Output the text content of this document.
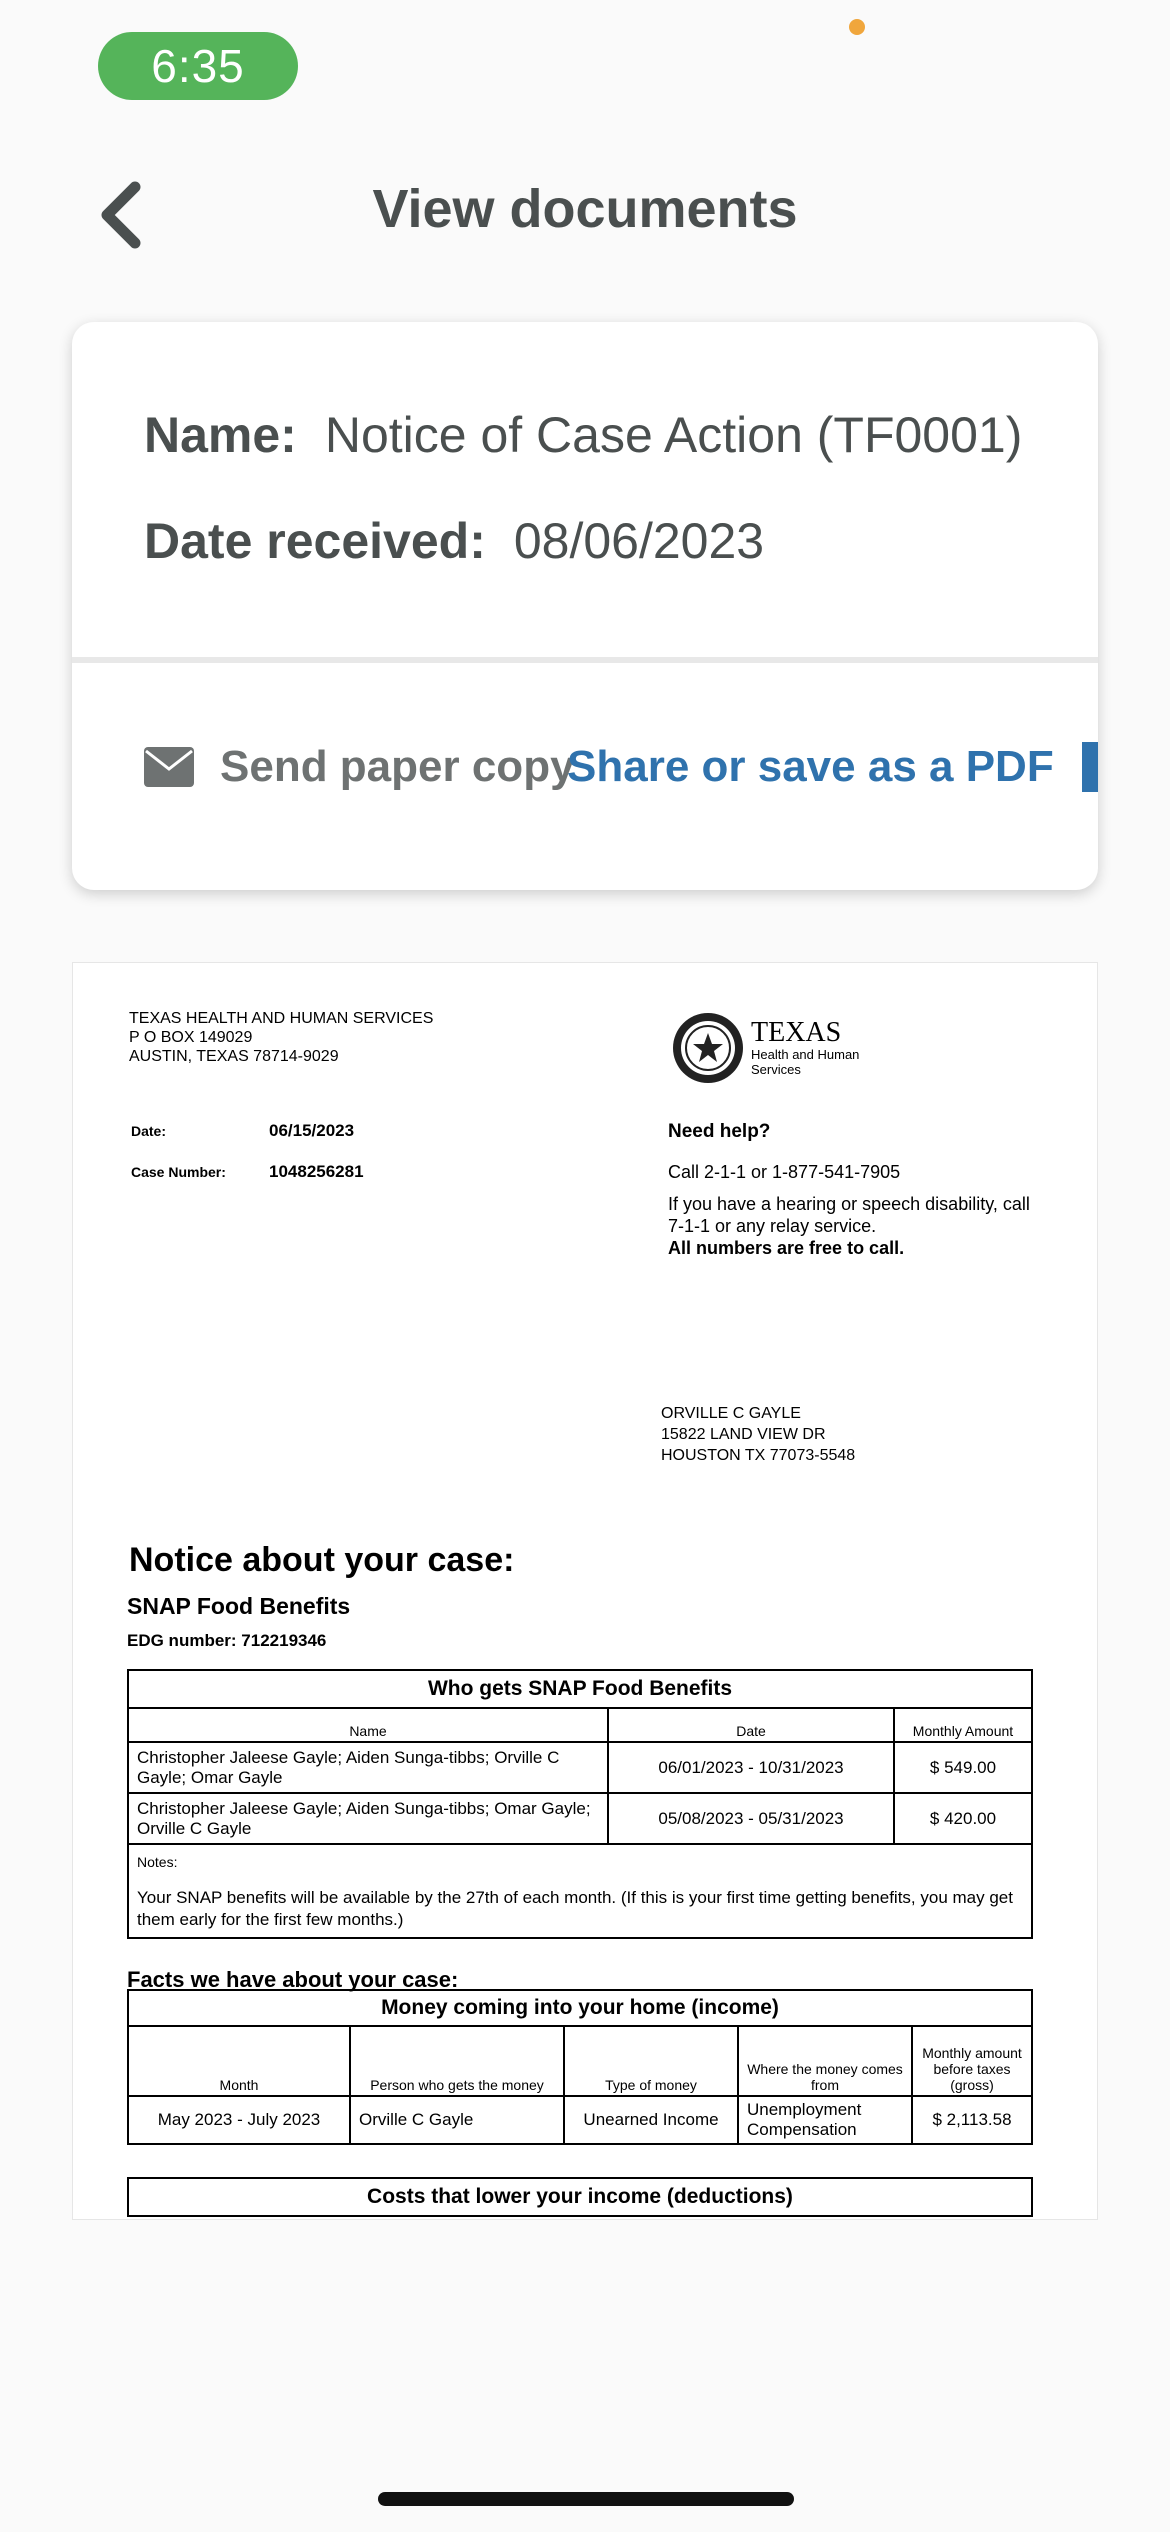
6:35
View documents
Name: Notice of Case Action (TF0001)
Date received: 08/06/2023
Send paper copy
Share or save as a PDF
TEXAS HEALTH AND HUMAN SERVICES
P O BOX 149029
AUSTIN, TEXAS 78714-9029
TEXAS
Health and Human
Services
Date:	06/15/2023
Case Number:	1048256281
Need help?
Call 2-1-1 or 1-877-541-7905
If you have a hearing or speech disability, call 7-1-1 or any relay service.
All numbers are free to call.
ORVILLE C GAYLE
15822 LAND VIEW DR
HOUSTON TX 77073-5548
Notice about your case:
SNAP Food Benefits
EDG number: 712219346
Who gets SNAP Food Benefits		
Name	Date	Monthly Amount
Christopher Jaleese Gayle; Aiden Sunga-tibbs; Orville C Gayle; Omar Gayle	06/01/2023 - 10/31/2023	$ 549.00
Christopher Jaleese Gayle; Aiden Sunga-tibbs; Omar Gayle; Orville C Gayle	05/08/2023 - 05/31/2023	$ 420.00

Notes:
Your SNAP benefits will be available by the 27th of each month. (If this is your first time getting benefits, you may get them early for the first few months.)		
Facts we have about your case:
Money coming into your home (income)				
Month	Person who gets the money	Type of money	Where the money comes from	Monthly amount before taxes (gross)
May 2023 - July 2023	Orville C Gayle	Unearned Income	Unemployment Compensation	$ 2,113.58
Costs that lower your income (deductions)
